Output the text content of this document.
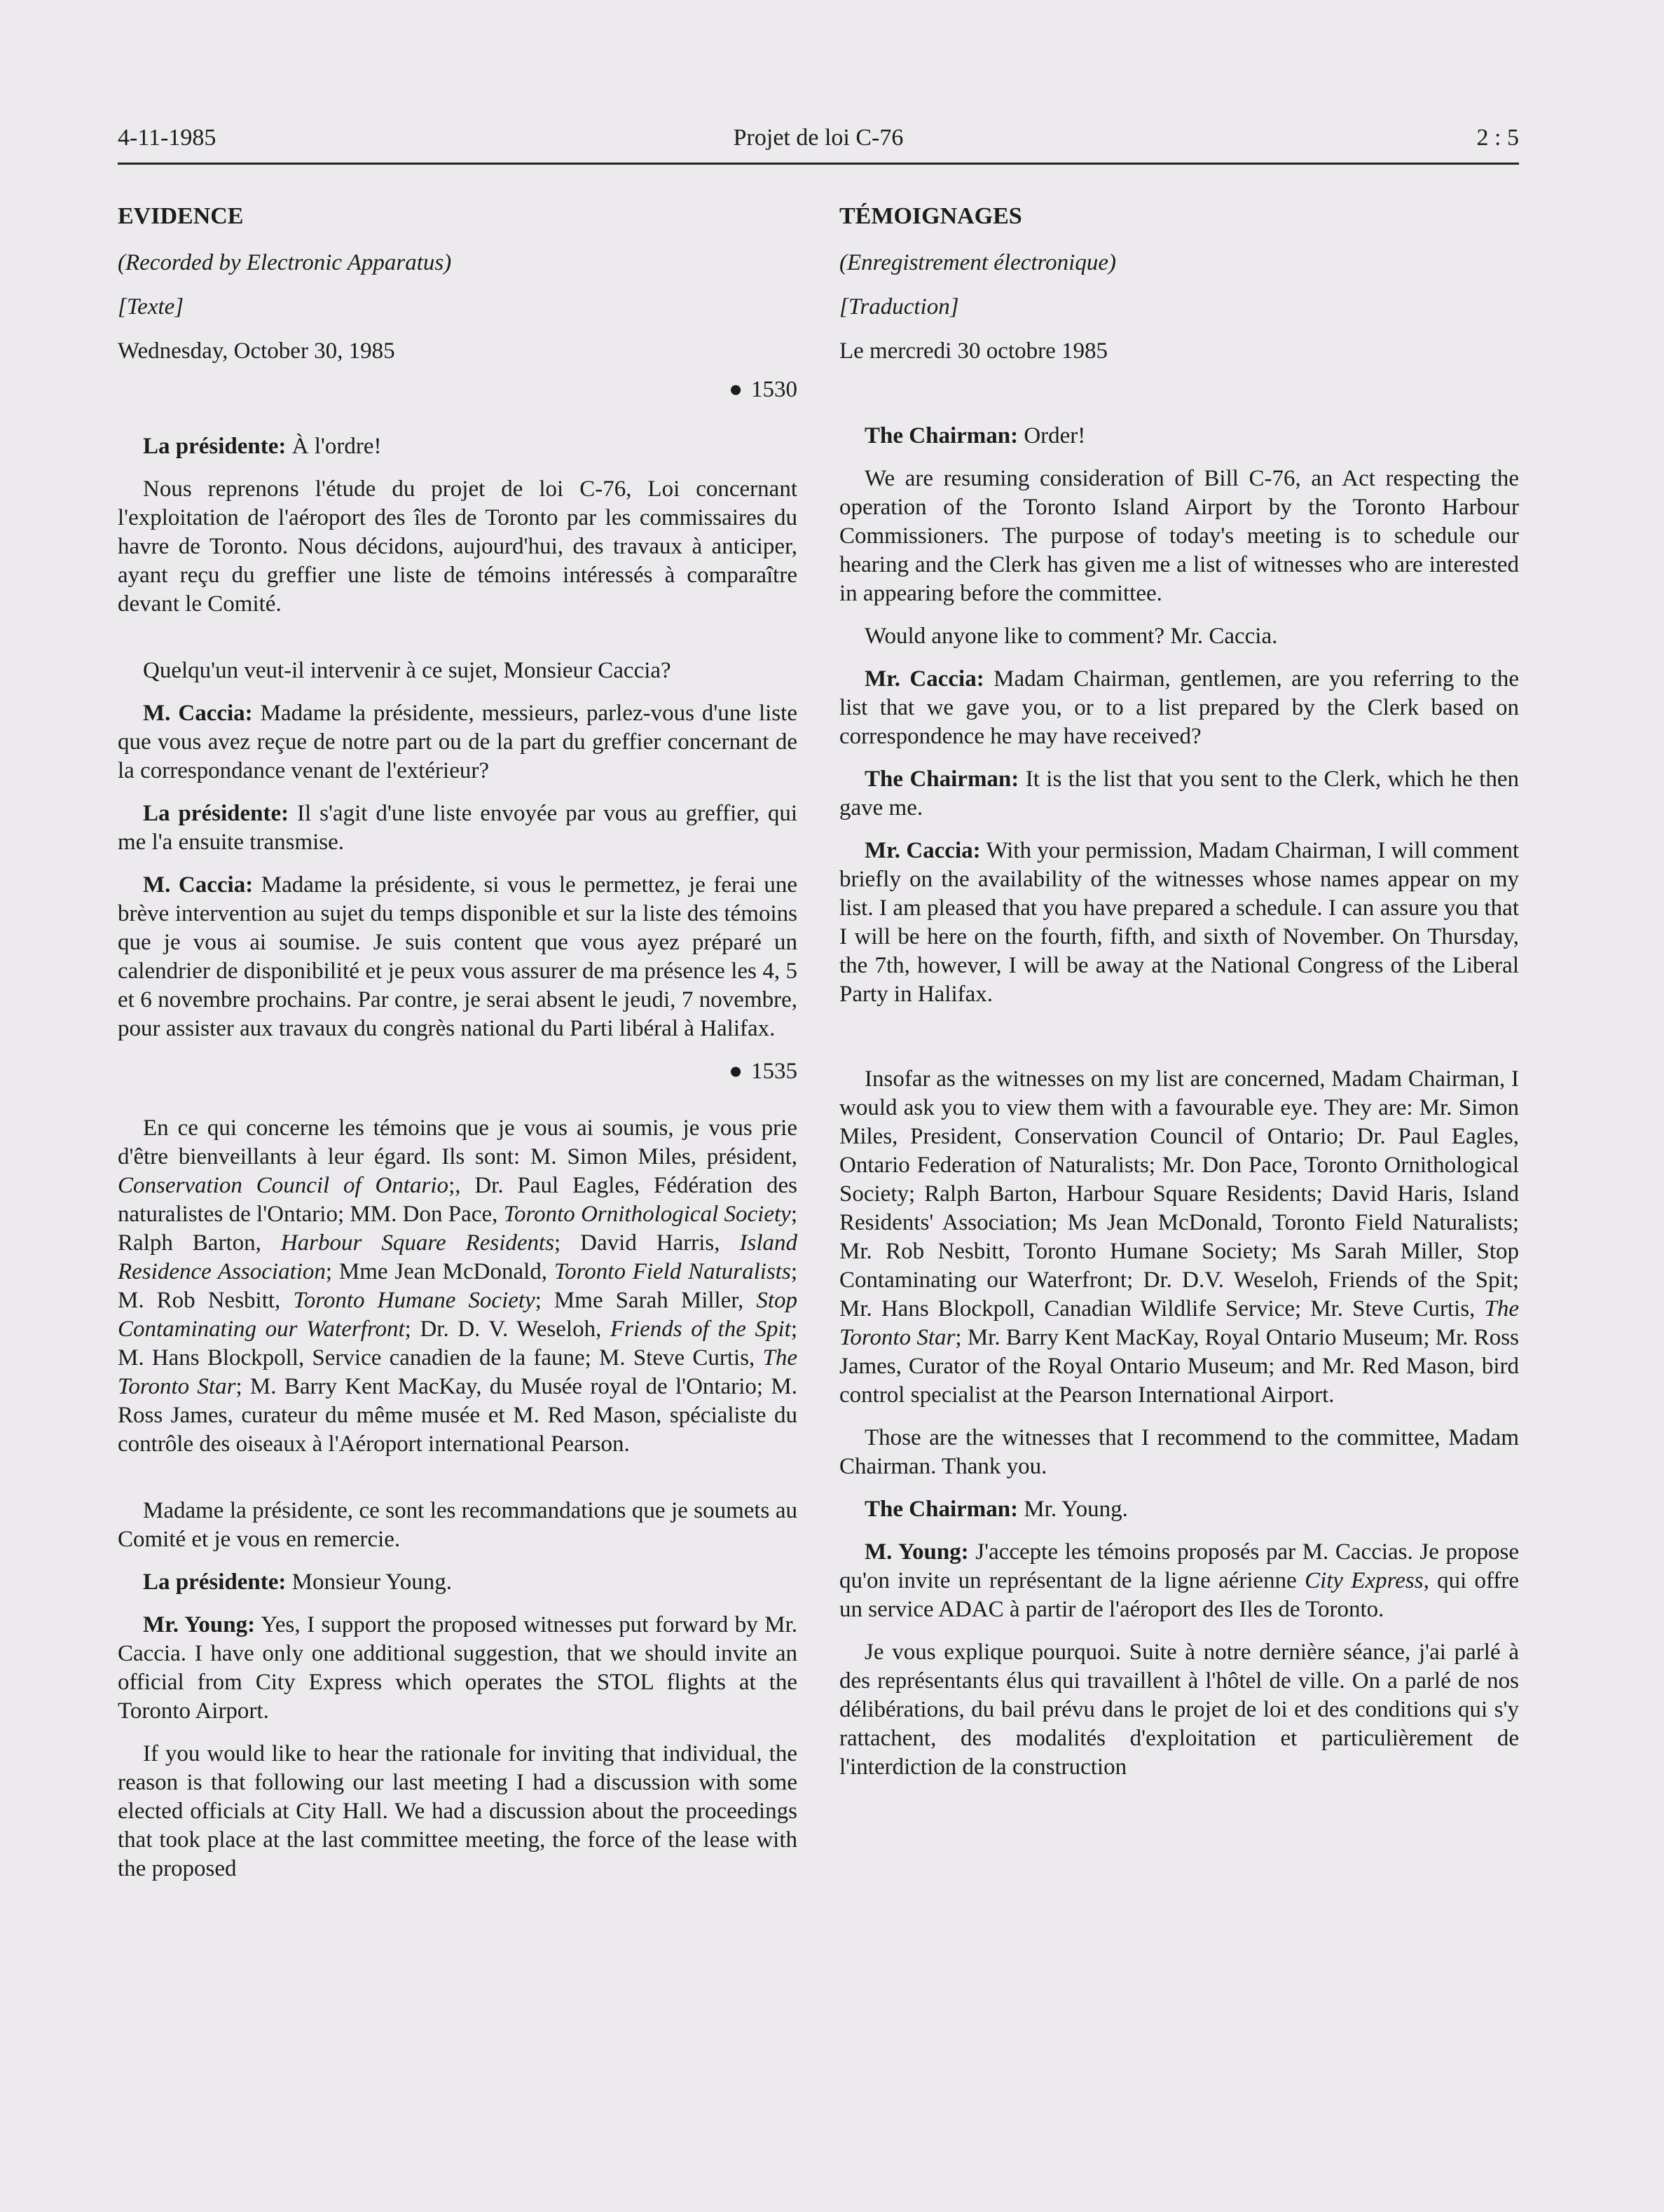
4-11-1985	Projet de loi C-76	2 : 5

EVIDENCE

(Recorded by Electronic Apparatus)

[Texte]

Wednesday, October 30, 1985

● 1530

La présidente: À l'ordre!

Nous reprenons l'étude du projet de loi C-76, Loi concernant l'exploitation de l'aéroport des îles de Toronto par les commissaires du havre de Toronto. Nous décidons, aujourd'hui, des travaux à anticiper, ayant reçu du greffier une liste de témoins intéressés à comparaître devant le Comité.

Quelqu'un veut-il intervenir à ce sujet, Monsieur Caccia?

M. Caccia: Madame la présidente, messieurs, parlez-vous d'une liste que vous avez reçue de notre part ou de la part du greffier concernant de la correspondance venant de l'extérieur?

La présidente: Il s'agit d'une liste envoyée par vous au greffier, qui me l'a ensuite transmise.

M. Caccia: Madame la présidente, si vous le permettez, je ferai une brève intervention au sujet du temps disponible et sur la liste des témoins que je vous ai soumise. Je suis content que vous ayez préparé un calendrier de disponibilité et je peux vous assurer de ma présence les 4, 5 et 6 novembre prochains. Par contre, je serai absent le jeudi, 7 novembre, pour assister aux travaux du congrès national du Parti libéral à Halifax.

● 1535

En ce qui concerne les témoins que je vous ai soumis, je vous prie d'être bienveillants à leur égard. Ils sont: M. Simon Miles, président, Conservation Council of Ontario;, Dr. Paul Eagles, Fédération des naturalistes de l'Ontario; MM. Don Pace, Toronto Ornithological Society; Ralph Barton, Harbour Square Residents; David Harris, Island Residence Association; Mme Jean McDonald, Toronto Field Naturalists; M. Rob Nesbitt, Toronto Humane Society; Mme Sarah Miller, Stop Contaminating our Waterfront; Dr. D. V. Weseloh, Friends of the Spit; M. Hans Blockpoll, Service canadien de la faune; M. Steve Curtis, The Toronto Star; M. Barry Kent MacKay, du Musée royal de l'Ontario; M. Ross James, curateur du même musée et M. Red Mason, spécialiste du contrôle des oiseaux à l'Aéroport international Pearson.

Madame la présidente, ce sont les recommandations que je soumets au Comité et je vous en remercie.

La présidente: Monsieur Young.

Mr. Young: Yes, I support the proposed witnesses put forward by Mr. Caccia. I have only one additional suggestion, that we should invite an official from City Express which operates the STOL flights at the Toronto Airport.

If you would like to hear the rationale for inviting that individual, the reason is that following our last meeting I had a discussion with some elected officials at City Hall. We had a discussion about the proceedings that took place at the last committee meeting, the force of the lease with the proposed

TÉMOIGNAGES

(Enregistrement électronique)

[Traduction]

Le mercredi 30 octobre 1985

The Chairman: Order!

We are resuming consideration of Bill C-76, an Act respecting the operation of the Toronto Island Airport by the Toronto Harbour Commissioners. The purpose of today's meeting is to schedule our hearing and the Clerk has given me a list of witnesses who are interested in appearing before the committee.

Would anyone like to comment? Mr. Caccia.

Mr. Caccia: Madam Chairman, gentlemen, are you referring to the list that we gave you, or to a list prepared by the Clerk based on correspondence he may have received?

The Chairman: It is the list that you sent to the Clerk, which he then gave me.

Mr. Caccia: With your permission, Madam Chairman, I will comment briefly on the availability of the witnesses whose names appear on my list. I am pleased that you have prepared a schedule. I can assure you that I will be here on the fourth, fifth, and sixth of November. On Thursday, the 7th, however, I will be away at the National Congress of the Liberal Party in Halifax.

Insofar as the witnesses on my list are concerned, Madam Chairman, I would ask you to view them with a favourable eye. They are: Mr. Simon Miles, President, Conservation Council of Ontario; Dr. Paul Eagles, Ontario Federation of Naturalists; Mr. Don Pace, Toronto Ornithological Society; Ralph Barton, Harbour Square Residents; David Haris, Island Residents' Association; Ms Jean McDonald, Toronto Field Naturalists; Mr. Rob Nesbitt, Toronto Humane Society; Ms Sarah Miller, Stop Contaminating our Waterfront; Dr. D.V. Weseloh, Friends of the Spit; Mr. Hans Blockpoll, Canadian Wildlife Service; Mr. Steve Curtis, The Toronto Star; Mr. Barry Kent MacKay, Royal Ontario Museum; Mr. Ross James, Curator of the Royal Ontario Museum; and Mr. Red Mason, bird control specialist at the Pearson International Airport.

Those are the witnesses that I recommend to the committee, Madam Chairman. Thank you.

The Chairman: Mr. Young.

M. Young: J'accepte les témoins proposés par M. Caccias. Je propose qu'on invite un représentant de la ligne aérienne City Express, qui offre un service ADAC à partir de l'aéroport des Iles de Toronto.

Je vous explique pourquoi. Suite à notre dernière séance, j'ai parlé à des représentants élus qui travaillent à l'hôtel de ville. On a parlé de nos délibérations, du bail prévu dans le projet de loi et des conditions qui s'y rattachent, des modalités d'exploitation et particulièrement de l'interdiction de la construction
